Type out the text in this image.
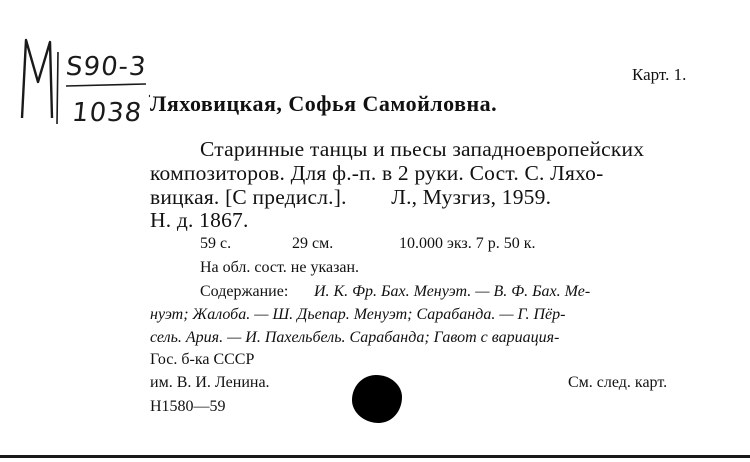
S90-3
1038
Карт. 1.
Ляховицкая, Софья Самойловна.
Старинные танцы и пьесы западноевропейских
композиторов. Для ф.-п. в 2 руки. Сост. С. Ляхо-
вицкая. [С предисл.].        Л., Музгиз, 1959.
Н. д. 1867.
59 с.	29 см.	10.000 экз. 7 р. 50 к.
На обл. сост. не указан.
Содержание: И. К. Фр. Бах. Менуэт. — В. Ф. Бах. Ме-
нуэт; Жалоба. — Ш. Дьепар. Менуэт; Сарабанда. — Г. Пёр-
сель. Ария. — И. Пахельбель. Сарабанда; Гавот с вариация-
Гос. б-ка СССР
им. В. И. Ленина.	См. след. карт.
Н1580—59
